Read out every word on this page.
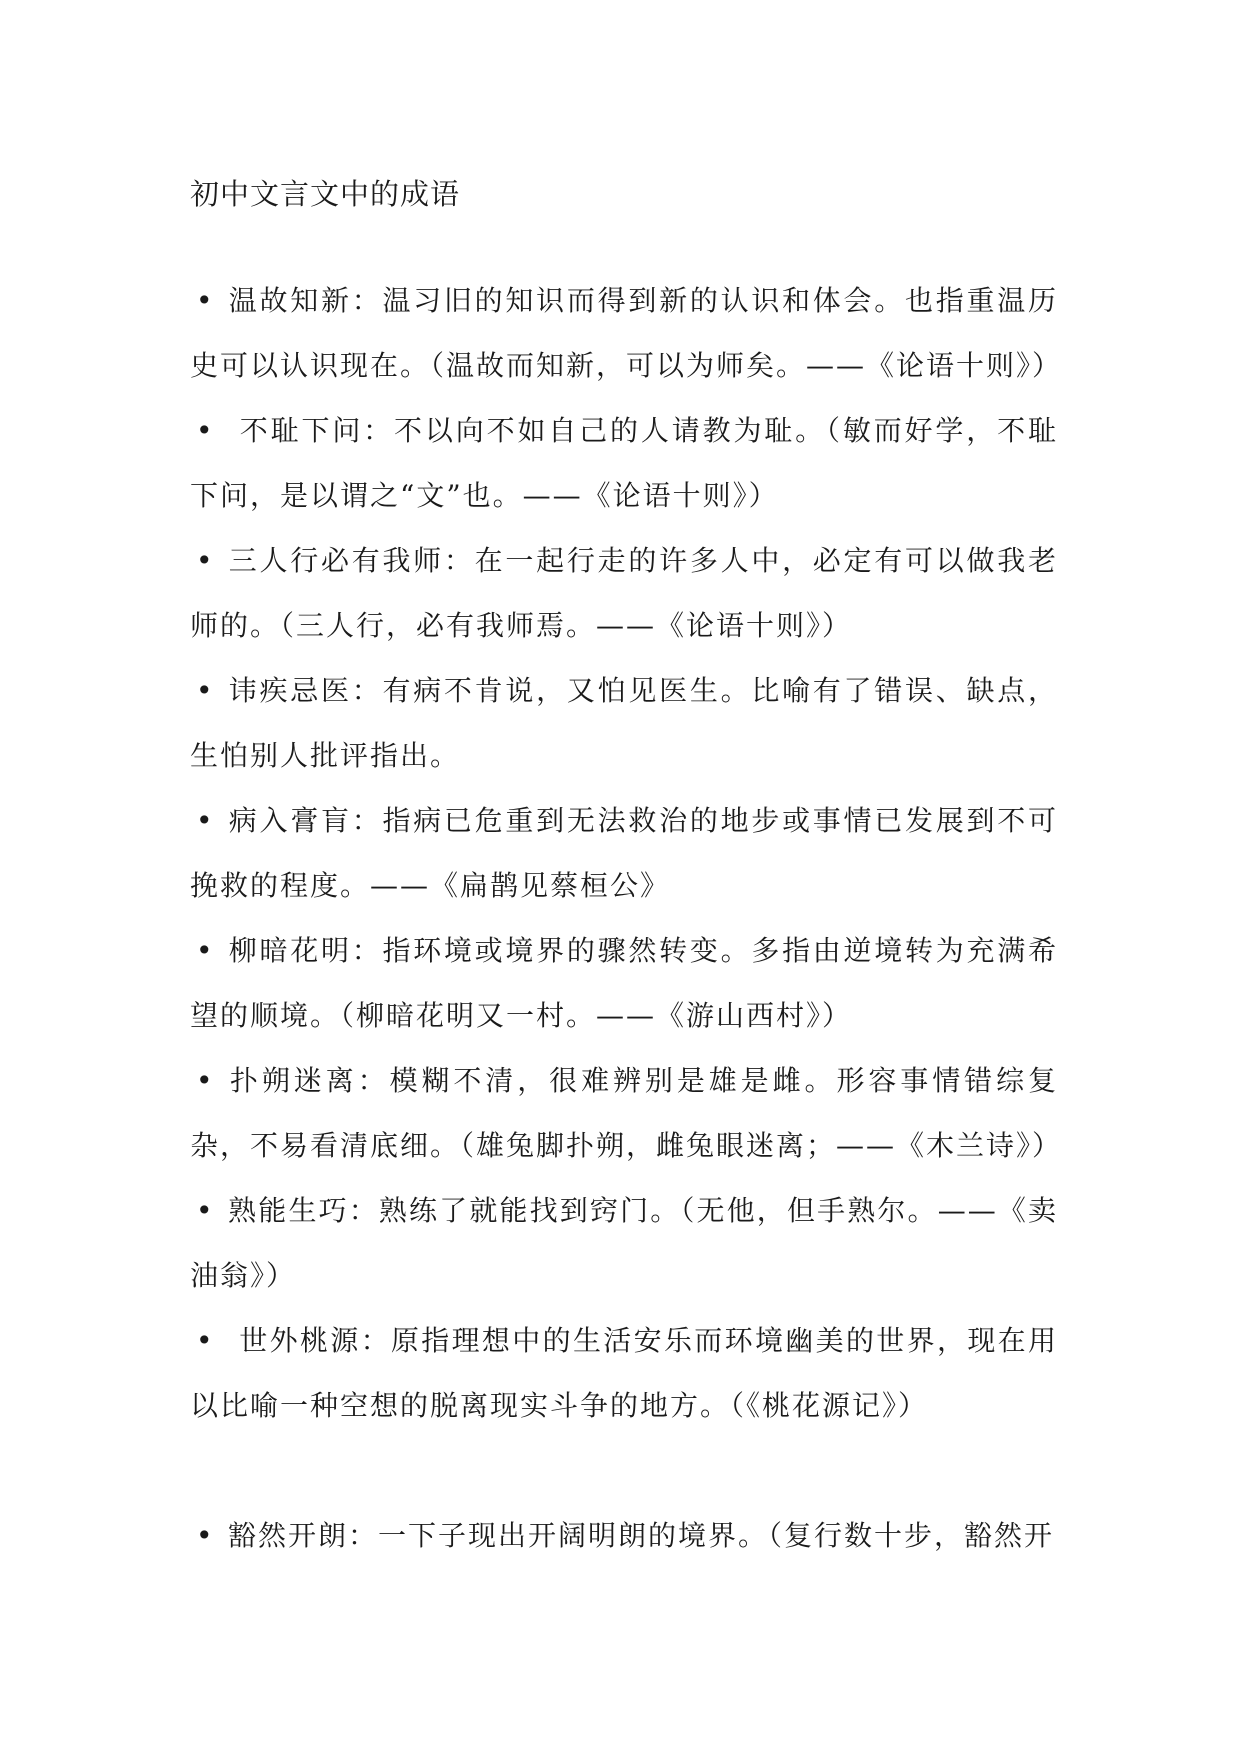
初中文言文中的成语
• 温故知新：温习旧的知识而得到新的认识和体会。也指重温历史可以认识现在。（温故而知新，可以为师矣。——《论语十则》）
• 不耻下问：不以向不如自己的人请教为耻。（敏而好学，不耻下问，是以谓之“文”也。——《论语十则》）
• 三人行必有我师：在一起行走的许多人中，必定有可以做我老师的。（三人行，必有我师焉。——《论语十则》）
• 讳疾忌医：有病不肯说，又怕见医生。比喻有了错误、缺点，生怕别人批评指出。
• 病入膏肓：指病已危重到无法救治的地步或事情已发展到不可挽救的程度。——《扁鹊见蔡桓公》
• 柳暗花明：指环境或境界的骤然转变。多指由逆境转为充满希望的顺境。（柳暗花明又一村。——《游山西村》）
• 扑朔迷离：模糊不清，很难辨别是雄是雌。形容事情错综复杂，不易看清底细。（雄兔脚扑朔，雌兔眼迷离；——《木兰诗》）
• 熟能生巧：熟练了就能找到窍门。（无他，但手熟尔。——《卖油翁》）
• 世外桃源：原指理想中的生活安乐而环境幽美的世界，现在用以比喻一种空想的脱离现实斗争的地方。（《桃花源记》）
• 豁然开朗：一下子现出开阔明朗的境界。（复行数十步，豁然开
